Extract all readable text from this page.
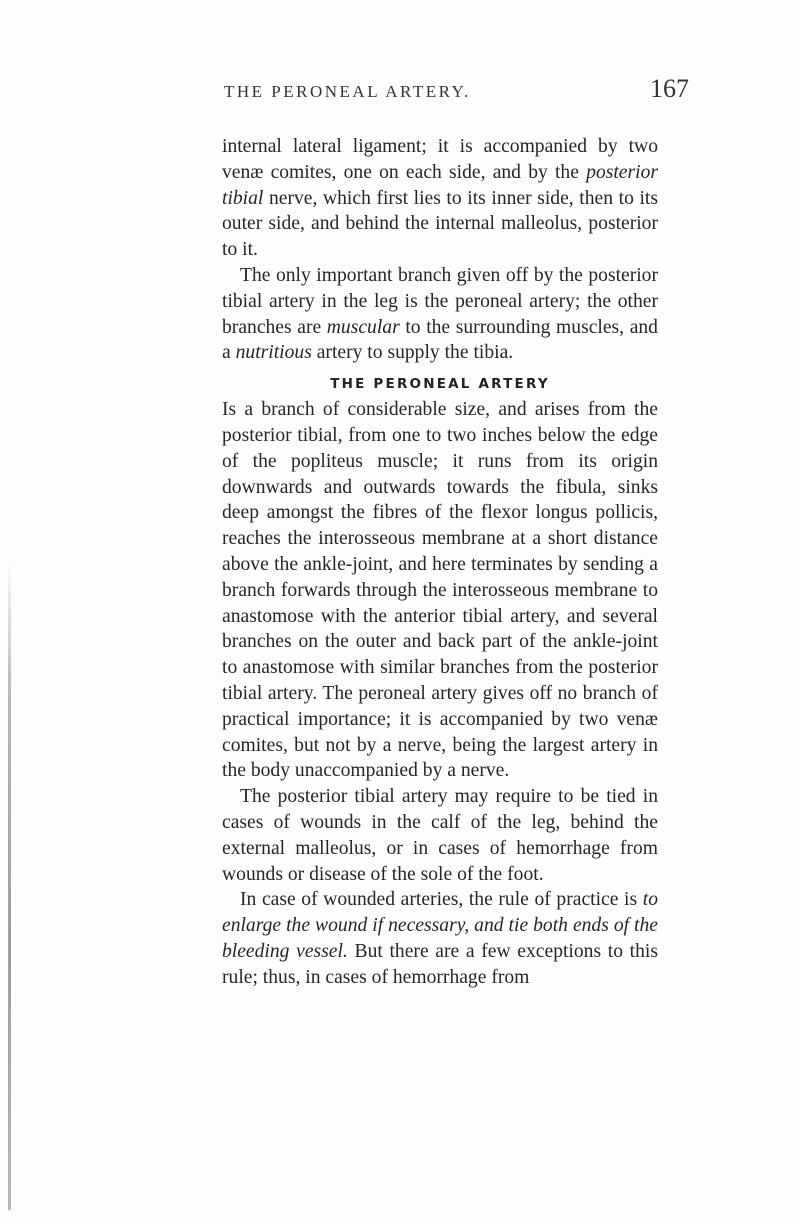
THE PERONEAL ARTERY.	167

internal lateral ligament; it is accompanied by two venæ comites, one on each side, and by the posterior tibial nerve, which first lies to its inner side, then to its outer side, and behind the internal malleolus, posterior to it.

The only important branch given off by the posterior tibial artery in the leg is the peroneal artery; the other branches are muscular to the surrounding muscles, and a nutritious artery to supply the tibia.

THE PERONEAL ARTERY

Is a branch of considerable size, and arises from the posterior tibial, from one to two inches below the edge of the popliteus muscle; it runs from its origin downwards and outwards towards the fibula, sinks deep amongst the fibres of the flexor longus pollicis, reaches the interosseous membrane at a short distance above the ankle-joint, and here terminates by sending a branch forwards through the interosseous membrane to anastomose with the anterior tibial artery, and several branches on the outer and back part of the ankle-joint to anastomose with similar branches from the posterior tibial artery. The peroneal artery gives off no branch of practical importance; it is accompanied by two venæ comites, but not by a nerve, being the largest artery in the body unaccompanied by a nerve.

The posterior tibial artery may require to be tied in cases of wounds in the calf of the leg, behind the external malleolus, or in cases of hemorrhage from wounds or disease of the sole of the foot.

In case of wounded arteries, the rule of practice is to enlarge the wound if necessary, and tie both ends of the bleeding vessel. But there are a few exceptions to this rule; thus, in cases of hemorrhage from
